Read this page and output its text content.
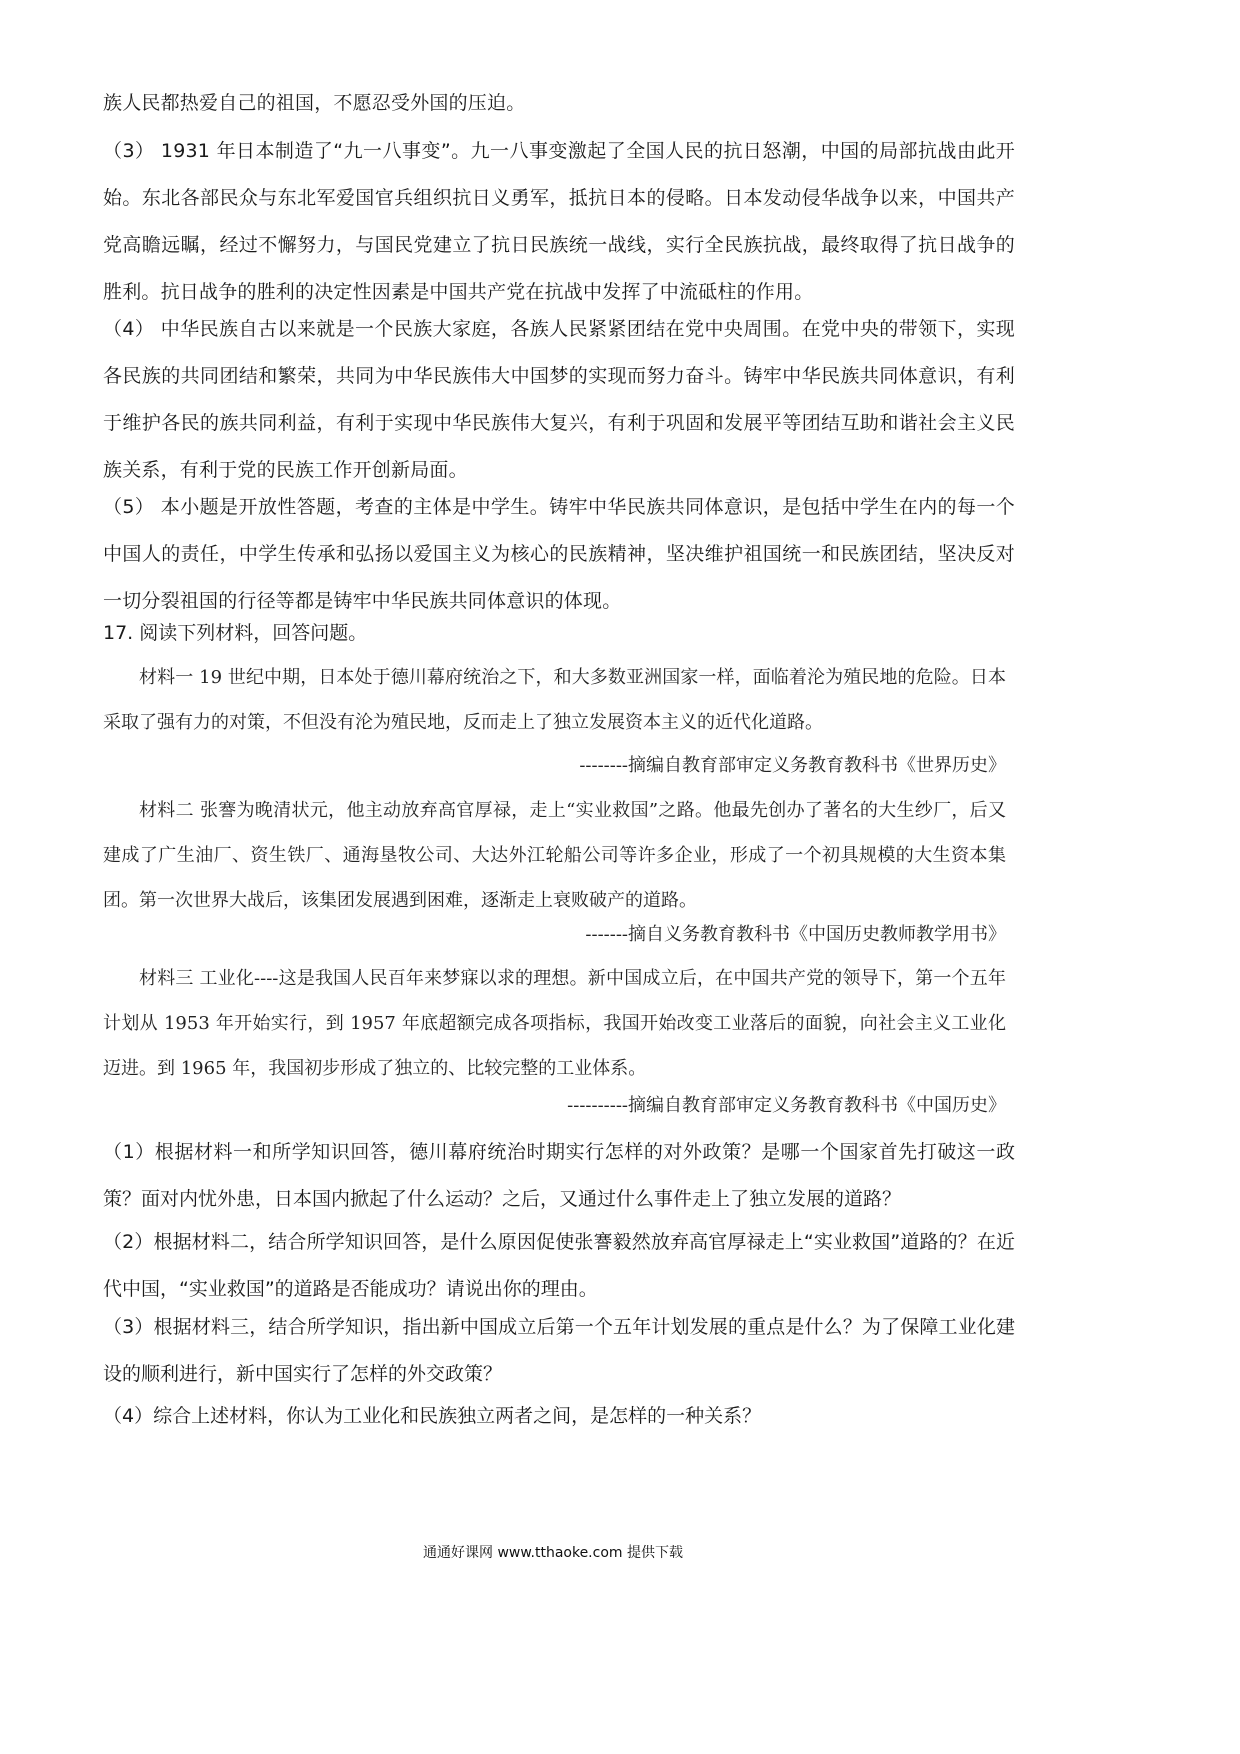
族人民都热爱自己的祖国，不愿忍受外国的压迫。

（3） 1931 年日本制造了“九一八事变”。九一八事变激起了全国人民的抗日怒潮，中国的局部抗战由此开始。东北各部民众与东北军爱国官兵组织抗日义勇军，抵抗日本的侵略。日本发动侵华战争以来，中国共产党高瞻远瞩，经过不懈努力，与国民党建立了抗日民族统一战线，实行全民族抗战，最终取得了抗日战争的胜利。抗日战争的胜利的决定性因素是中国共产党在抗战中发挥了中流砥柱的作用。

（4） 中华民族自古以来就是一个民族大家庭，各族人民紧紧团结在党中央周围。在党中央的带领下，实现各民族的共同团结和繁荣，共同为中华民族伟大中国梦的实现而努力奋斗。铸牢中华民族共同体意识，有利于维护各民的族共同利益，有利于实现中华民族伟大复兴，有利于巩固和发展平等团结互助和谐社会主义民族关系，有利于党的民族工作开创新局面。

（5） 本小题是开放性答题，考查的主体是中学生。铸牢中华民族共同体意识，是包括中学生在内的每一个中国人的责任，中学生传承和弘扬以爱国主义为核心的民族精神，坚决维护祖国统一和民族团结，坚决反对一切分裂祖国的行径等都是铸牢中华民族共同体意识的体现。

17. 阅读下列材料，回答问题。

材料一 19 世纪中期，日本处于德川幕府统治之下，和大多数亚洲国家一样，面临着沦为殖民地的危险。日本采取了强有力的对策，不但没有沦为殖民地，反而走上了独立发展资本主义的近代化道路。

--------摘编自教育部审定义务教育教科书《世界历史》

材料二 张謇为晚清状元，他主动放弃高官厚禄，走上“实业救国”之路。他最先创办了著名的大生纱厂，后又建成了广生油厂、资生铁厂、通海垦牧公司、大达外江轮船公司等许多企业，形成了一个初具规模的大生资本集团。第一次世界大战后，该集团发展遇到困难，逐渐走上衰败破产的道路。

-------摘自义务教育教科书《中国历史教师教学用书》

材料三 工业化----这是我国人民百年来梦寐以求的理想。新中国成立后，在中国共产党的领导下，第一个五年计划从 1953 年开始实行，到 1957 年底超额完成各项指标，我国开始改变工业落后的面貌，向社会主义工业化迈进。到 1965 年，我国初步形成了独立的、比较完整的工业体系。

----------摘编自教育部审定义务教育教科书《中国历史》

（1）根据材料一和所学知识回答，德川幕府统治时期实行怎样的对外政策？是哪一个国家首先打破这一政策？面对内忧外患，日本国内掀起了什么运动？之后，又通过什么事件走上了独立发展的道路？

（2）根据材料二，结合所学知识回答，是什么原因促使张謇毅然放弃高官厚禄走上“实业救国”道路的？在近代中国，“实业救国”的道路是否能成功？请说出你的理由。

（3）根据材料三，结合所学知识，指出新中国成立后第一个五年计划发展的重点是什么？为了保障工业化建设的顺利进行，新中国实行了怎样的外交政策？

（4）综合上述材料，你认为工业化和民族独立两者之间，是怎样的一种关系？

通通好课网 www.tthaoke.com 提供下载
